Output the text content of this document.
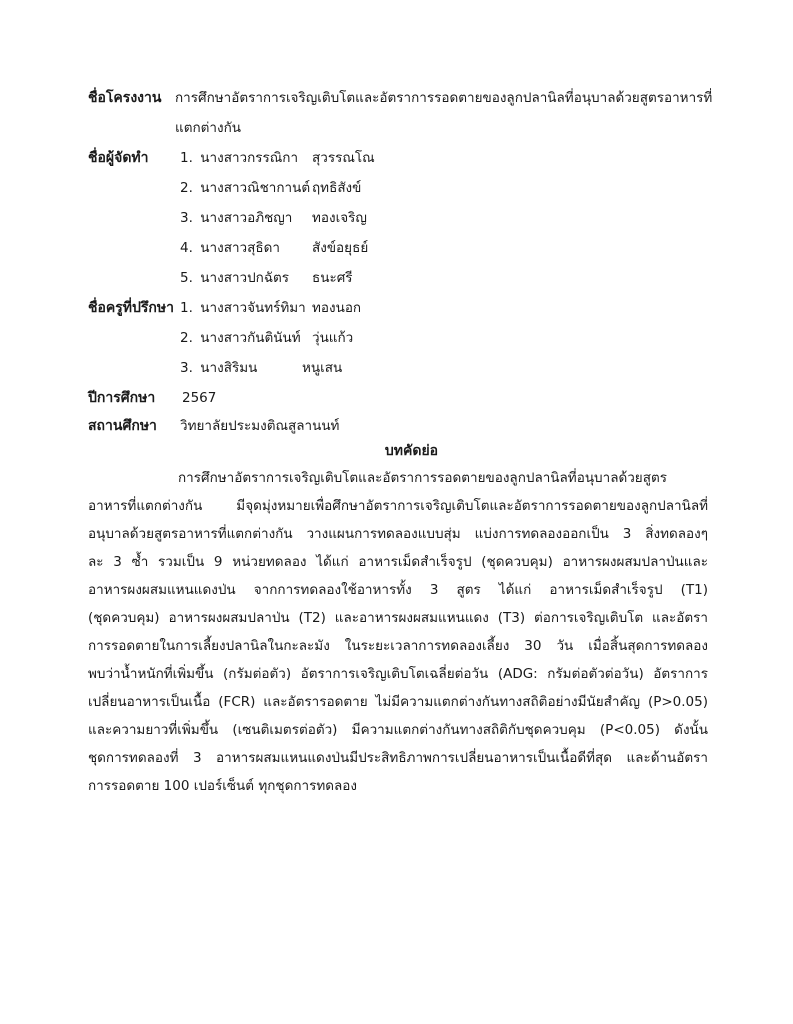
ชื่อโครงงาน การศึกษาอัตราการเจริญเติบโตและอัตราการรอดตายของลูกปลานิลที่อนุบาลด้วยสูตรอาหารที่
แตกต่างกัน
ชื่อผู้จัดทำ 1. นางสาวกรรณิกา สุวรรณโณ
2. นางสาวณิชากานต์ ฤทธิสังข์
3. นางสาวอภิชญา ทองเจริญ
4. นางสาวสุธิดา สังข์อยุธย์
5. นางสาวปกฉัตร ธนะศรี
ชื่อครูที่ปรึกษา 1. นางสาวจันทร์ทิมา ทองนอก
2. นางสาวกันตินันท์ วุ่นแก้ว
3. นางสิริมน	หนูเสน
ปีการศึกษา 2567
สถานศึกษา วิทยาลัยประมงติณสูลานนท์
บทคัดย่อ
การศึกษาอัตราการเจริญเติบโตและอัตราการรอดตายของลูกปลานิลที่อนุบาลด้วยสูตร
อาหารที่แตกต่างกัน มีจุดมุ่งหมายเพื่อศึกษาอัตราการเจริญเติบโตและอัตราการรอดตายของลูกปลานิลที่
อนุบาลด้วยสูตรอาหารที่แตกต่างกัน วางแผนการทดลองแบบสุ่ม แบ่งการทดลองออกเป็น 3 สิ่งทดลองๆ
ละ 3 ซ้ำ รวมเป็น 9 หน่วยทดลอง ได้แก่ อาหารเม็ดสำเร็จรูป (ชุดควบคุม) อาหารผงผสมปลาป่นและ
อาหารผงผสมแหนแดงป่น จากการทดลองใช้อาหารทั้ง 3 สูตร ได้แก่ อาหารเม็ดสำเร็จรูป (T1)
(ชุดควบคุม) อาหารผงผสมปลาป่น (T2) และอาหารผงผสมแหนแดง (T3) ต่อการเจริญเติบโต และอัตรา
การรอดตายในการเลี้ยงปลานิลในกะละมัง ในระยะเวลาการทดลองเลี้ยง 30 วัน เมื่อสิ้นสุดการทดลอง
พบว่าน้ำหนักที่เพิ่มขึ้น (กรัมต่อตัว) อัตราการเจริญเติบโตเฉลี่ยต่อวัน (ADG: กรัมต่อตัวต่อวัน) อัตราการ
เปลี่ยนอาหารเป็นเนื้อ (FCR) และอัตรารอดตาย ไม่มีความแตกต่างกันทางสถิติอย่างมีนัยสำคัญ (P>0.05)
และความยาวที่เพิ่มขึ้น (เซนติเมตรต่อตัว) มีความแตกต่างกันทางสถิติกับชุดควบคุม (P<0.05) ดังนั้น
ชุดการทดลองที่ 3 อาหารผสมแหนแดงป่นมีประสิทธิภาพการเปลี่ยนอาหารเป็นเนื้อดีที่สุด และด้านอัตรา
การรอดตาย 100 เปอร์เซ็นต์ ทุกชุดการทดลอง
